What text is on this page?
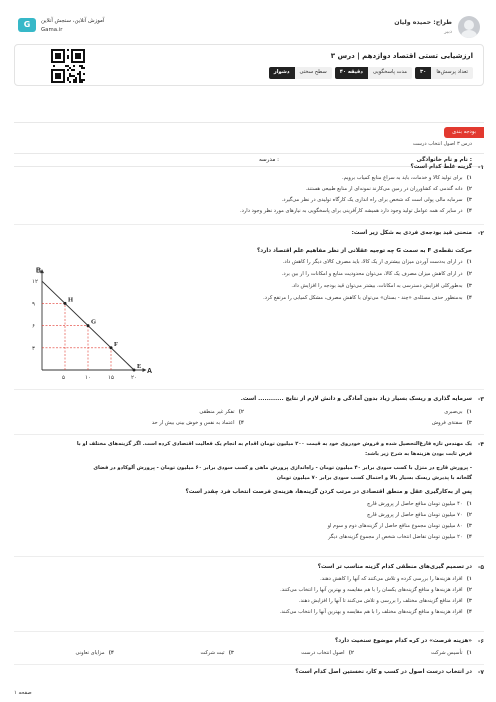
طراح: حمیده ولیان
دبیر
G	آموزش آنلاین، سنجش آنلاین
Gama.ir
ارزشیابی تستی اقتصاد دوازدهم | درس ۳
تعداد پرسش‌ها
۳۰
مدت پاسخگویی
۴۰ دقیقه
سطح سختی
دشوار
بودجه بندی
درس ۳ اصول انتخاب درست
نام و نام خانوادگی :
مدرسه :
۱-
گزینه غلط کدام است؟
۱)برای تولید کالا و خدمات، باید به سراغ منابع کمیاب برویم.
۲)دانه گندمی که کشاورزان در زمین می‌کارند نمونه‌ای از منابع طبیعی هستند.
۳)سرمایه مالی پولی است که شخص برای راه اندازی یک کارگاه تولیدی در نظر می‌گیرد.
۴)در سایر که همه عوامل تولید وجود دارد همیشه کارآفرینی برای پاسخگویی به نیازهای مورد نظر وجود دارد.
۲-
منحنی قید بودجه‌ی فردی به شکل زیر است:
حرکت نقطه‌ی F به سمت G چه توجیه عقلانی از نظر مفاهیم علم اقتصاد دارد؟
۱)در ازای به‌دست آوردن میزان بیشتری از یک کالا، باید مصرف کالای دیگر را کاهش داد.
۲)در ازای کاهش میزان مصرف یک کالا، می‌توان محدودیت منابع و امکانات را از بین برد.
۳)به‌طورکلی افزایش دسترسی به امکانات، بیشتر می‌توان قید بودجه را افزایش داد.
۴)به‌منظور حذف مسئله‌ی «چند - بستان» می‌توان با کاهش مصرف، مشکل کمیابی را مرتفع کرد.
B
A
H
G
F
E
۱۲
۹
۶
۳
۵	۱۰	۱۵	۲۰
۳-
سرمایه گذاری و ریسک بسیار زیاد بدون آمادگی و دانش لازم از نتایج ............ است.
۱)بی‌صبری
۲)تفکر غیر منطقی
۳)سفتهٔ‌ی فروش
۴)اعتماد به نفس و خوش بینی بیش از حد
۴-
یک مهندس تازه فارغ‌التحصیل شده و فروش خودروی خود به قیمت ۲۰۰ میلیون تومان اقدام به انجام یک فعالیت اقتصادی کرده است. اگر گزینه‌های مختلف او با
فرض ثابت بودن هزینه‌ها به شرح زیر باشد:
- پرورش قارچ در منزل با کسب سودی برابر ۴۰ میلیون تومان - راه‌اندازی پرورش ماهی و کسب سودی برابر ۶۰ میلیون تومان - پرورش آلوکادو در فضای
گلخانه با پذیرش ریسک بسیار بالا و احتمال کسب سودی برابر ۷۰ میلیون تومان
پس از به‌کارگیری عقل و منطق اقتصادی در مرتب کردن گزینه‌ها، هزینه‌ی فرصت انتخاب فرد چقدر است؟
۱)۴۰ میلیون تومان منافع حاصل از پرورش قارچ
۲)۷۰ میلیون تومان منافع حاصل از پرورش قارچ
۳)۸۰ میلیون تومان مجموع منافع حاصل از گزینه‌های دوم و سوم او
۴)۲۰ میلیون تومان تفاضل انتخاب شخص از مجموع گزینه‌های دیگر
۵-
در تصمیم گیری‌های منطقی کدام گزینه مناسب تر است؟
۱)افراد هزینه‌ها را بررسی کرده و تلاش می‌کنند که آنها را کاهش دهند.
۲)افراد هزینه‌ها و منافع گزینه‌های یکسان را با هم مقایسه و بهترین آنها را انتخاب می‌کنند.
۳)افراد منافع گزینه‌های مختلف را بررسی و تلاش می‌کنند تا آنها را افزایش دهند.
۴)افراد هزینه‌ها و منافع گزینه‌های مختلف را با هم مقایسه و بهترین آنها را انتخاب می‌کنند.
۶-
«هزینه فرصت» در کره کدام موضوع سنخیت دارد؟
۱)تأسیس شرکت
۲)اصول انتخاب درست
۳)ثبت شرکت
۴)مزایای تعاونی
۷-
در انتخاب درست اصول در کسب و کار، نخستین اصل کدام است؟
صفحه ۱
